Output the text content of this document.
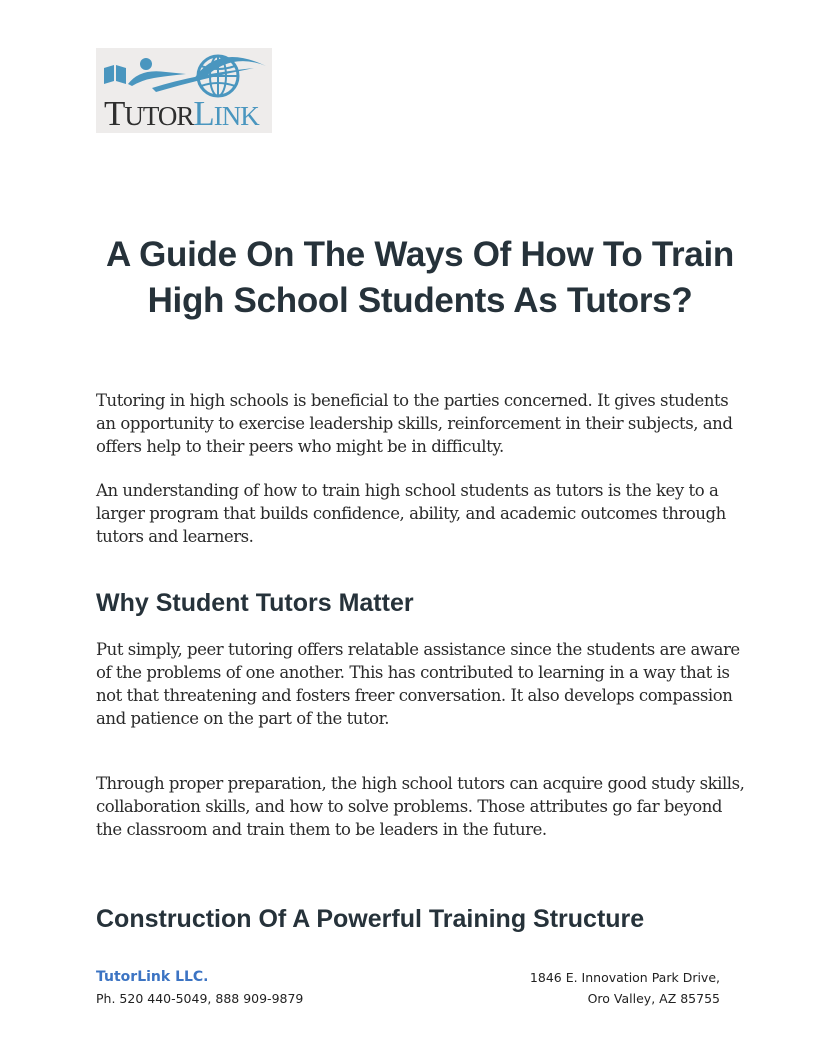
TUTORLINK
A Guide On The Ways Of How To Train High School Students As Tutors?

Tutoring in high schools is beneficial to the parties concerned. It gives students an opportunity to exercise leadership skills, reinforcement in their subjects, and offers help to their peers who might be in difficulty.

An understanding of how to train high school students as tutors is the key to a larger program that builds confidence, ability, and academic outcomes through tutors and learners.

Why Student Tutors Matter

Put simply, peer tutoring offers relatable assistance since the students are aware of the problems of one another. This has contributed to learning in a way that is not that threatening and fosters freer conversation. It also develops compassion and patience on the part of the tutor.

Through proper preparation, the high school tutors can acquire good study skills, collaboration skills, and how to solve problems. Those attributes go far beyond the classroom and train them to be leaders in the future.

Construction Of A Powerful Training Structure
TutorLink LLC.
Ph. 520 440-5049, 888 909-9879
1846 E. Innovation Park Drive,
Oro Valley, AZ 85755
